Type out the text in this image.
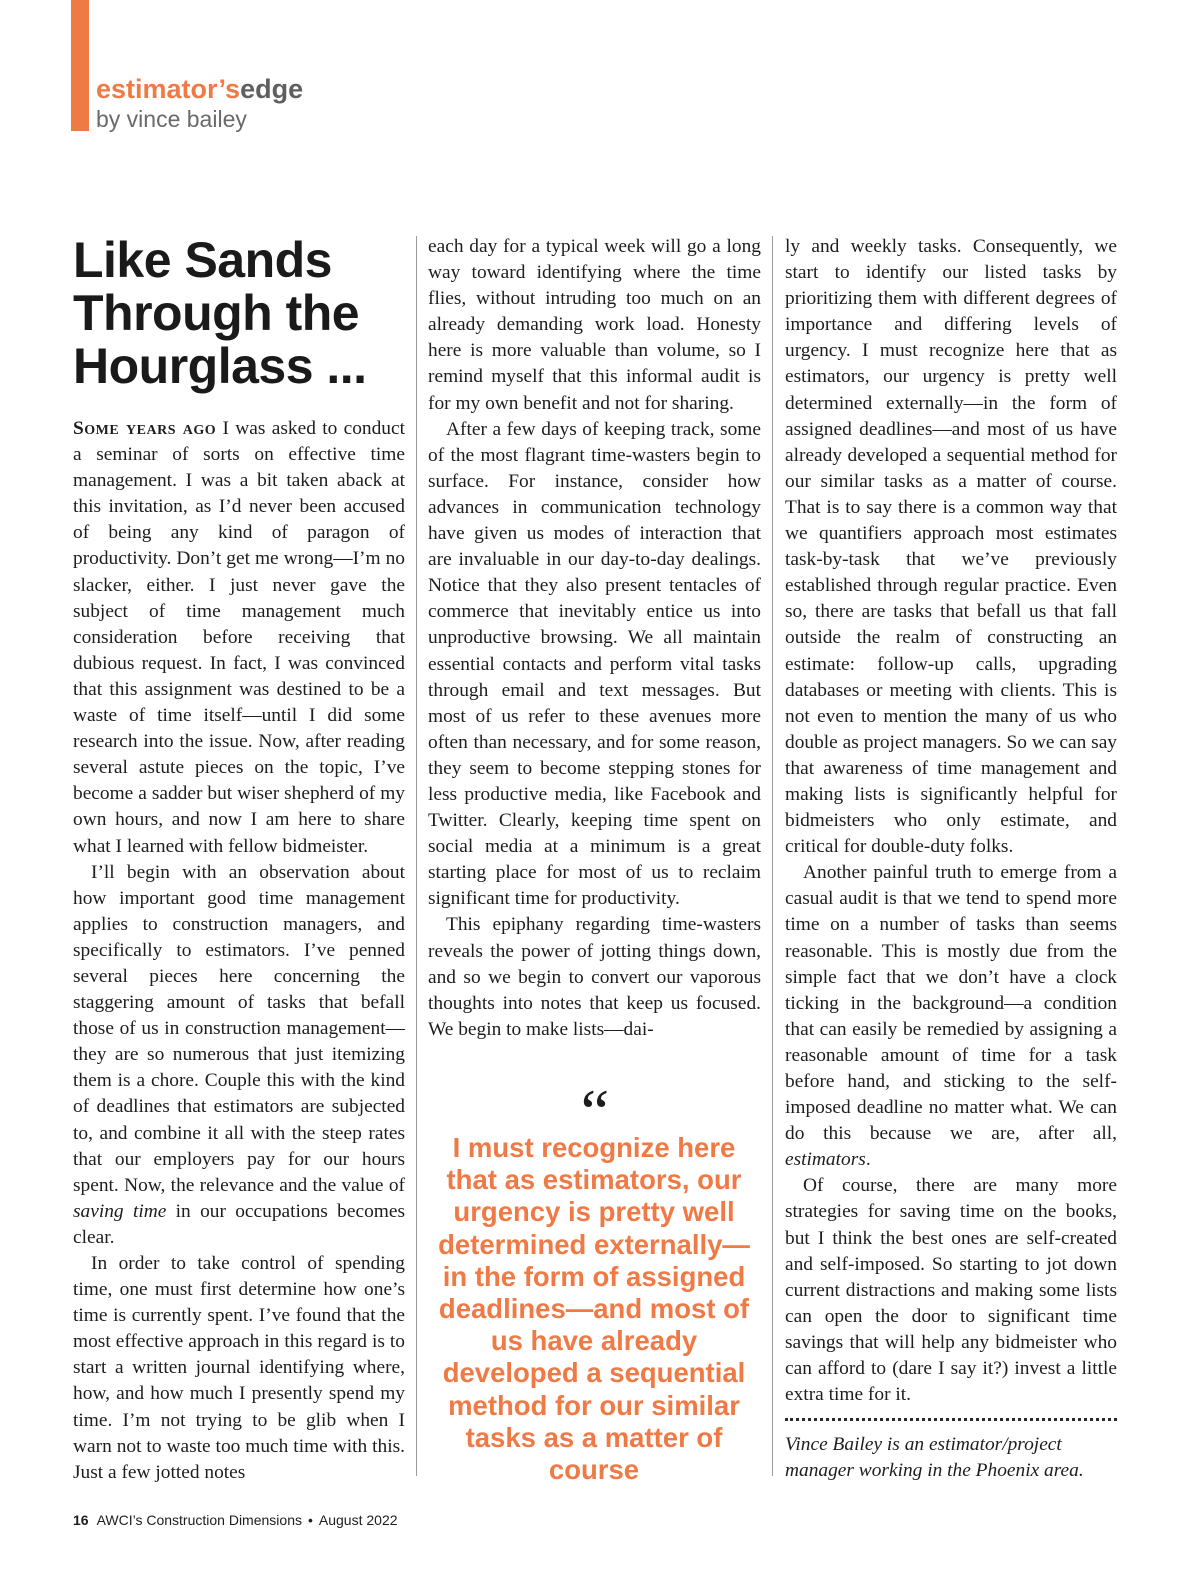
estimator’sedge
by vince bailey
Like Sands Through the Hourglass ...

Some years ago I was asked to conduct a seminar of sorts on effective time management. I was a bit taken aback at this invitation, as I’d never been accused of being any kind of paragon of productivity. Don’t get me wrong—I’m no slacker, either. I just never gave the subject of time management much consideration before receiving that dubious request. In fact, I was convinced that this assignment was destined to be a waste of time itself—until I did some research into the issue. Now, after reading several astute pieces on the topic, I’ve become a sadder but wiser shepherd of my own hours, and now I am here to share what I learned with fellow bidmeister.

I’ll begin with an observation about how important good time management applies to construction managers, and specifically to estimators. I’ve penned several pieces here concerning the staggering amount of tasks that befall those of us in construction management—they are so numerous that just itemizing them is a chore. Couple this with the kind of deadlines that estimators are subjected to, and combine it all with the steep rates that our employers pay for our hours spent. Now, the relevance and the value of saving time in our occupations becomes clear.

In order to take control of spending time, one must first determine how one’s time is currently spent. I’ve found that the most effective approach in this regard is to start a written journal identifying where, how, and how much I presently spend my time. I’m not trying to be glib when I warn not to waste too much time with this. Just a few jotted notes

each day for a typical week will go a long way toward identifying where the time flies, without intruding too much on an already demanding work load. Honesty here is more valuable than volume, so I remind myself that this informal audit is for my own benefit and not for sharing.

After a few days of keeping track, some of the most flagrant time-wasters begin to surface. For instance, consider how advances in communication technology have given us modes of interaction that are invaluable in our day-to-day dealings. Notice that they also present tentacles of commerce that inevitably entice us into unproductive browsing. We all maintain essential contacts and perform vital tasks through email and text messages. But most of us refer to these avenues more often than necessary, and for some reason, they seem to become stepping stones for less productive media, like Facebook and Twitter. Clearly, keeping time spent on social media at a minimum is a great starting place for most of us to reclaim significant time for productivity.

This epiphany regarding time-wasters reveals the power of jotting things down, and so we begin to convert our vaporous thoughts into notes that keep us focused. We begin to make lists—dai-

“
I must recognize here that as estimators, our urgency is pretty well determined externally—in the form of assigned deadlines—and most of us have already developed a sequential method for our similar tasks as a matter of course

ly and weekly tasks. Consequently, we start to identify our listed tasks by prioritizing them with different degrees of importance and differing levels of urgency. I must recognize here that as estimators, our urgency is pretty well determined externally—in the form of assigned deadlines—and most of us have already developed a sequential method for our similar tasks as a matter of course. That is to say there is a common way that we quantifiers approach most estimates task-by-task that we’ve previously established through regular practice. Even so, there are tasks that befall us that fall outside the realm of constructing an estimate: follow-up calls, upgrading databases or meeting with clients. This is not even to mention the many of us who double as project managers. So we can say that awareness of time management and making lists is significantly helpful for bidmeisters who only estimate, and critical for double-duty folks.

Another painful truth to emerge from a casual audit is that we tend to spend more time on a number of tasks than seems reasonable. This is mostly due from the simple fact that we don’t have a clock ticking in the background—a condition that can easily be remedied by assigning a reasonable amount of time for a task before hand, and sticking to the self-imposed deadline no matter what. We can do this because we are, after all, estimators.

Of course, there are many more strategies for saving time on the books, but I think the best ones are self-created and self-imposed. So starting to jot down current distractions and making some lists can open the door to significant time savings that will help any bidmeister who can afford to (dare I say it?) invest a little extra time for it.

Vince Bailey is an estimator/project manager working in the Phoenix area.
16 AWCI’s Construction Dimensions • August 2022
